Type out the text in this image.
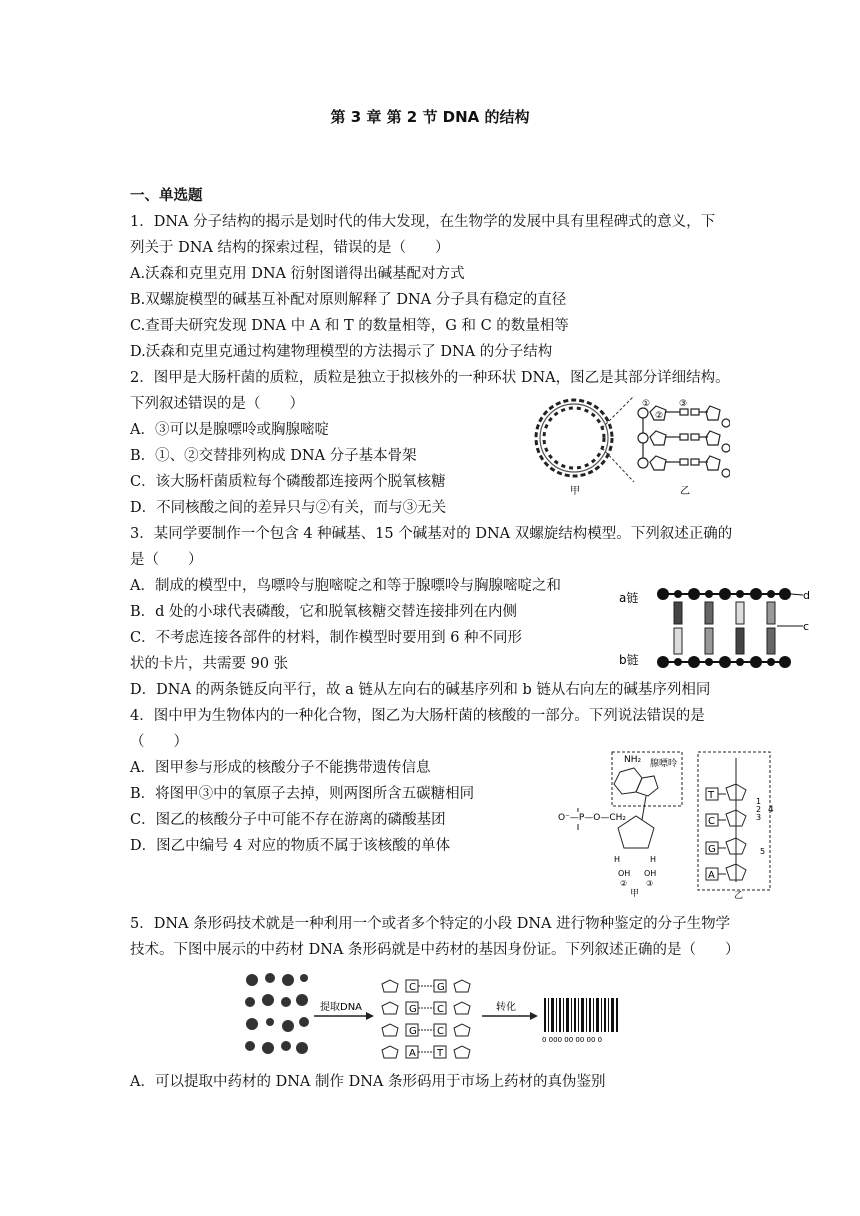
第 3 章 第 2 节 DNA 的结构
一、单选题
1．DNA 分子结构的揭示是划时代的伟大发现，在生物学的发展中具有里程碑式的意义，下
列关于 DNA 结构的探索过程，错误的是（　　）
A.沃森和克里克用 DNA 衍射图谱得出碱基配对方式
B.双螺旋模型的碱基互补配对原则解释了 DNA 分子具有稳定的直径
C.查哥夫研究发现 DNA 中 A 和 T 的数量相等，G 和 C 的数量相等
D.沃森和克里克通过构建物理模型的方法揭示了 DNA 的分子结构
2．图甲是大肠杆菌的质粒，质粒是独立于拟核外的一种环状 DNA，图乙是其部分详细结构。
下列叙述错误的是（　　）
A．③可以是腺嘌呤或胸腺嘧啶
B．①、②交替排列构成 DNA 分子基本骨架
C．该大肠杆菌质粒每个磷酸都连接两个脱氧核糖
D．不同核酸之间的差异只与②有关，而与③无关
①
②
③
甲	乙
3．某同学要制作一个包含 4 种碱基、15 个碱基对的 DNA 双螺旋结构模型。下列叙述正确的
是（　　）
A．制成的模型中，鸟嘌呤与胞嘧啶之和等于腺嘌呤与胸腺嘧啶之和
B．d 处的小球代表磷酸，它和脱氧核糖交替连接排列在内侧
C．不考虑连接各部件的材料，制作模型时要用到 6 种不同形
状的卡片，共需要 90 张
D．DNA 的两条链反向平行，故 a 链从左向右的碱基序列和 b 链从右向左的碱基序列相同
a链
b链
d
c
4．图中甲为生物体内的一种化合物，图乙为大肠杆菌的核酸的一部分。下列说法错误的是
（　　）
A．图甲参与形成的核酸分子不能携带遗传信息
B．将图甲③中的氧原子去掉，则两图所含五碳糖相同
C．图乙的核酸分子中可能不存在游离的磷酸基团
D．图乙中编号 4 对应的物质不属于该核酸的单体
NH₂ 腺嘌呤
O⁻—P—O—CH₂
H	H
OH OH
② ③
甲
T
C
G
A
1
2
3
4
5
乙
5．DNA 条形码技术就是一种利用一个或者多个特定的小段 DNA 进行物种鉴定的分子生物学
技术。下图中展示的中药材 DNA 条形码就是中药材的基因身份证。下列叙述正确的是（　　）
提取DNA
C G
G C
G C
A T
转化
0 000 00 00 00 0
A．可以提取中药材的 DNA 制作 DNA 条形码用于市场上药材的真伪鉴别
